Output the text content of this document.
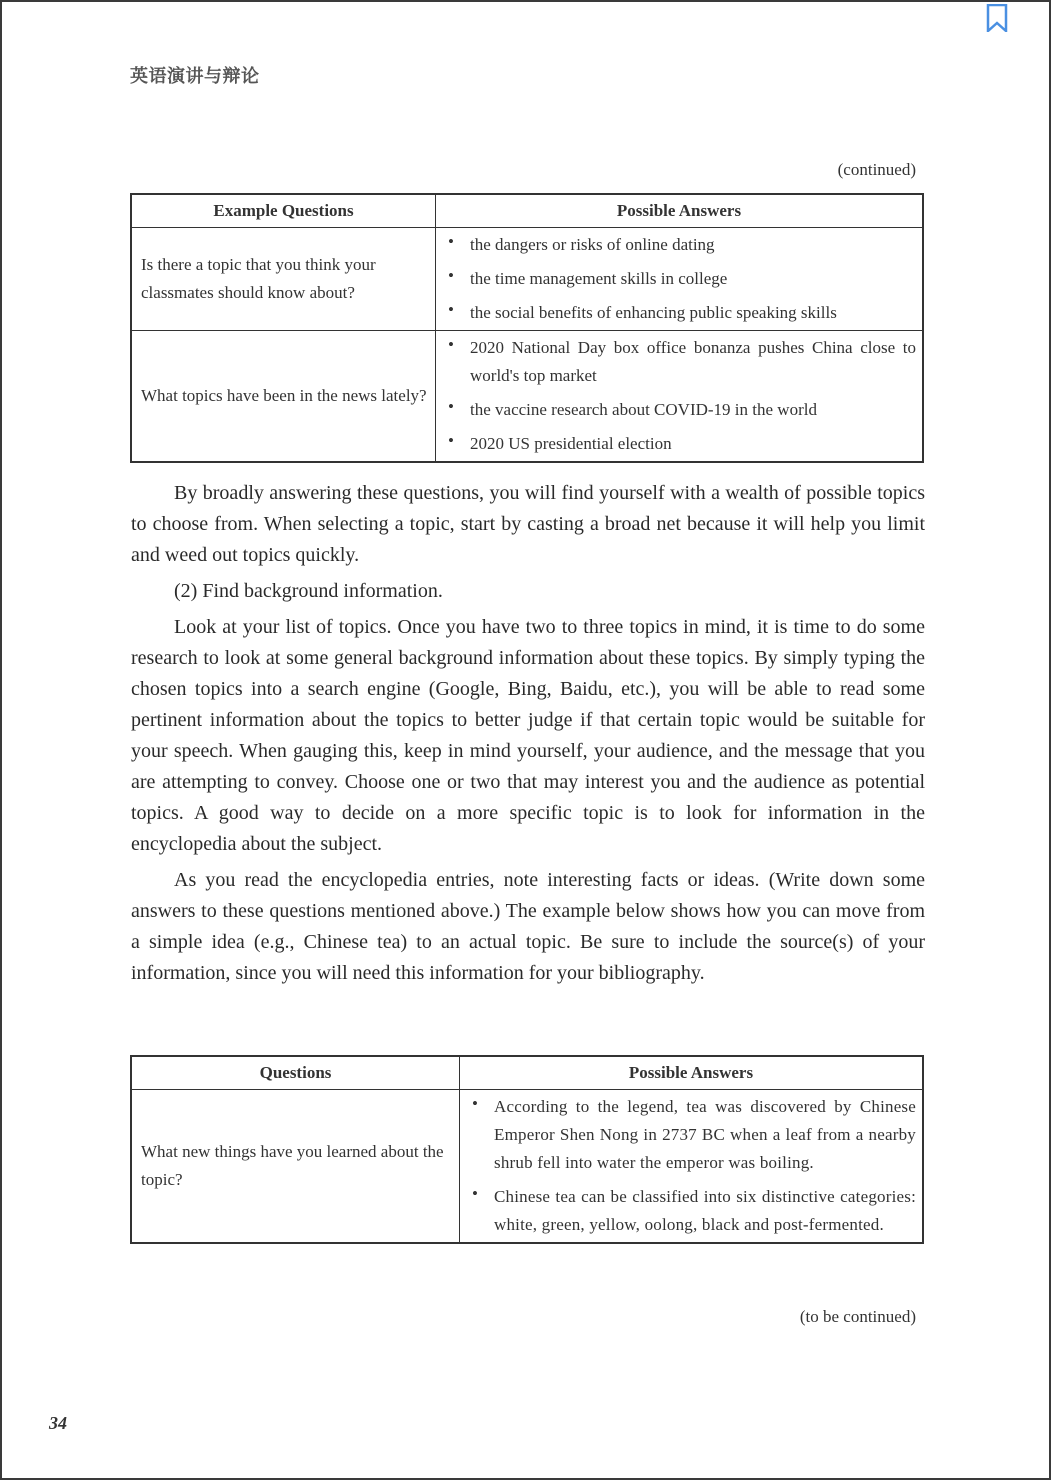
英语演讲与辩论
(continued)
Example Questions	Possible Answers
Is there a topic that you think your classmates should know about?	
• the dangers or risks of online dating
• the time management skills in college
• the social benefits of enhancing public speaking skills

What topics have been in the news lately?	
• 2020 National Day box office bonanza pushes China close to world's top market
• the vaccine research about COVID-19 in the world
• 2020 US presidential election

By broadly answering these questions, you will find yourself with a wealth of possible topics to choose from. When selecting a topic, start by casting a broad net because it will help you limit and weed out topics quickly.

(2) Find background information.

Look at your list of topics. Once you have two to three topics in mind, it is time to do some research to look at some general background information about these topics. By simply typing the chosen topics into a search engine (Google, Bing, Baidu, etc.), you will be able to read some pertinent information about the topics to better judge if that certain topic would be suitable for your speech. When gauging this, keep in mind yourself, your audience, and the message that you are attempting to convey. Choose one or two that may interest you and the audience as potential topics. A good way to decide on a more specific topic is to look for information in the encyclopedia about the subject.

As you read the encyclopedia entries, note interesting facts or ideas. (Write down some answers to these questions mentioned above.) The example below shows how you can move from a simple idea (e.g., Chinese tea) to an actual topic. Be sure to include the source(s) of your information, since you will need this information for your bibliography.

Questions	Possible Answers
What new things have you learned about the topic?	
• According to the legend, tea was discovered by Chinese Emperor Shen Nong in 2737 BC when a leaf from a nearby shrub fell into water the emperor was boiling.
• Chinese tea can be classified into six distinctive categories: white, green, yellow, oolong, black and post-fermented.
(to be continued)
34
